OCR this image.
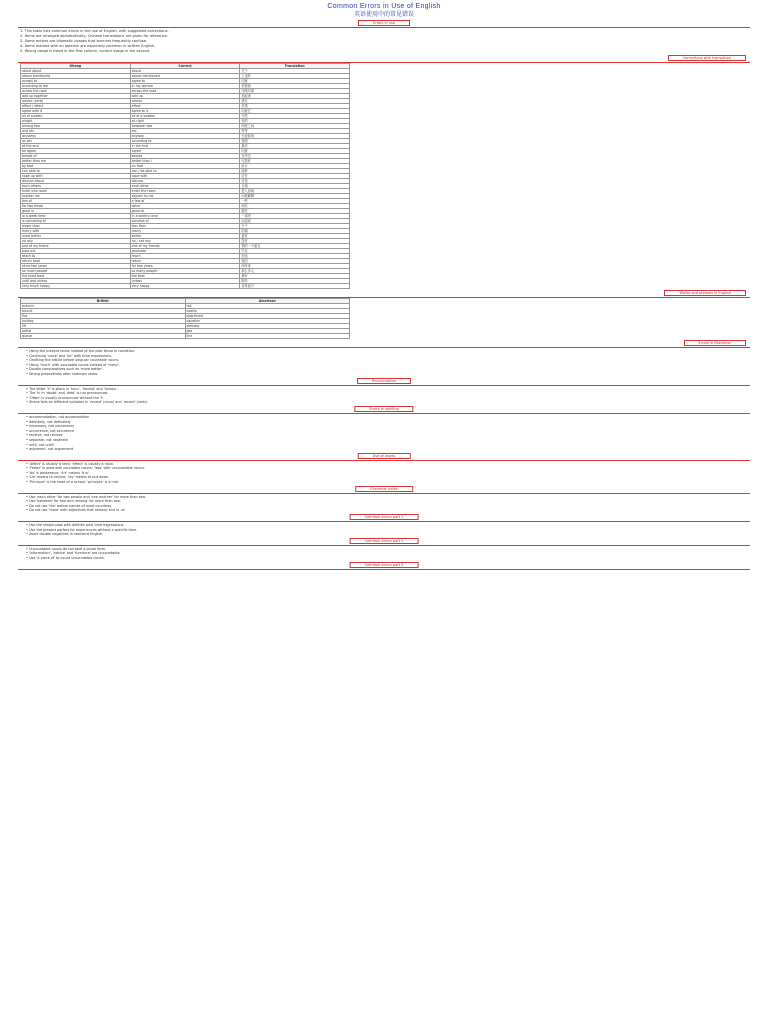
Common Errors in Use of English
英语使用中的常见错误
Errors in use
1. This table lists common errors in the use of English, with suggested corrections.
2. Items are arranged alphabetically; Chinese translations are given for reference.
3. Some entries are idiomatic usages that learners frequently confuse.
4. Items marked with an asterisk are especially common in written English.
5. Wrong usage is listed in the first column, correct usage in the second.
Corrections with translation
Wrong	Correct	Translation
about about	about	关于
above mentioned	above-mentioned	上述的
accept to	agree to	同意
according to me	in my opinion	依我看
across the road	across the road	马路对面
add up together	add up	加起来
advice (verb)	advise	建议
affect / effect	effect	效果
agree with it	agree to it	同意它
all of sudden	all of a sudden	突然
alright	all right	好的
among two	between two	两者之间
and etc.	etc.	等等
anyways	anyway	无论如何
as per	according to	按照
at the end	in the end	最后
be agree	agree	同意
beside of	beside	在旁边
better than me	better than I	比我好
by foot	on foot	步行
can able to	can / be able to	能够
cope up with	cope with	应付
discuss about	discuss	讨论
each others	each other	互相
enter into room	enter the room	进入房间
explain me	explain to me	向我解释
few of	a few of	一些
for two times	twice	两次
good in	good at	擅长
in a week time	in a week's time	一周内
is consisting of	consists of	由组成
lesser than	less than	少于
marry with	marry	结婚
more better	better	更好
no any	no / not any	没有
one of my friend	one of my friends	我的一个朋友
pass out	graduate	毕业
reach to	reach	到达
return back	return	返回
since two years	for two years	两年来
so much people	so many people	那么多人
the most best	the best	最好
until and unless	unless	除非
very much happy	very happy	非常高兴
Words and phrases in English
British	American
autumn	fall
biscuit	cookie
flat	apartment
holiday	vacation
lift	elevator
petrol	gas
queue	line
Errors in Grammar
• Using the present tense instead of the past tense in narration.
• Confusing 'since' and 'for' with time expressions.
• Omitting the article before singular countable nouns.
• Using 'much' with countable nouns instead of 'many'.
• Double comparatives such as 'more better'.
• Wrong prepositions after common verbs.
Pronunciation
• The letter 'h' is silent in 'hour', 'honest' and 'honour'.
• The 'b' in 'doubt' and 'debt' is not pronounced.
• 'Often' is usually pronounced without the 't'.
• Stress falls on different syllables in 'record' (noun) and 'record' (verb).
Errors in spelling
• accommodation, not accomodation
• definitely, not definately
• necessary, not neccessary
• occurrence, not occurence
• receive, not recieve
• separate, not seperate
• until, not untill
• argument, not arguement
Use of words
• 'Affect' is usually a verb; 'effect' is usually a noun.
• 'Fewer' is used with countable nouns; 'less' with uncountable nouns.
• 'Its' is possessive; 'it's' means 'it is'.
• 'Lie' means to recline; 'lay' means to put down.
• 'Principal' is the head of a school; 'principle' is a rule.
Grammar notes
• Use 'each other' for two people and 'one another' for more than two.
• Use 'between' for two and 'among' for more than two.
• Do not use 'the' before names of most countries.
• Do not use 'more' with adjectives that already end in -er.
Common errors part 1
• Use the simple past with definite past time expressions.
• Use the present perfect for experiences without a specific time.
• Avoid double negatives in standard English.
Common errors part 2
• Uncountable nouns do not take a plural form.
• 'Information', 'advice' and 'furniture' are uncountable.
• Use 'a piece of' to count uncountable nouns.
Common errors part 3
